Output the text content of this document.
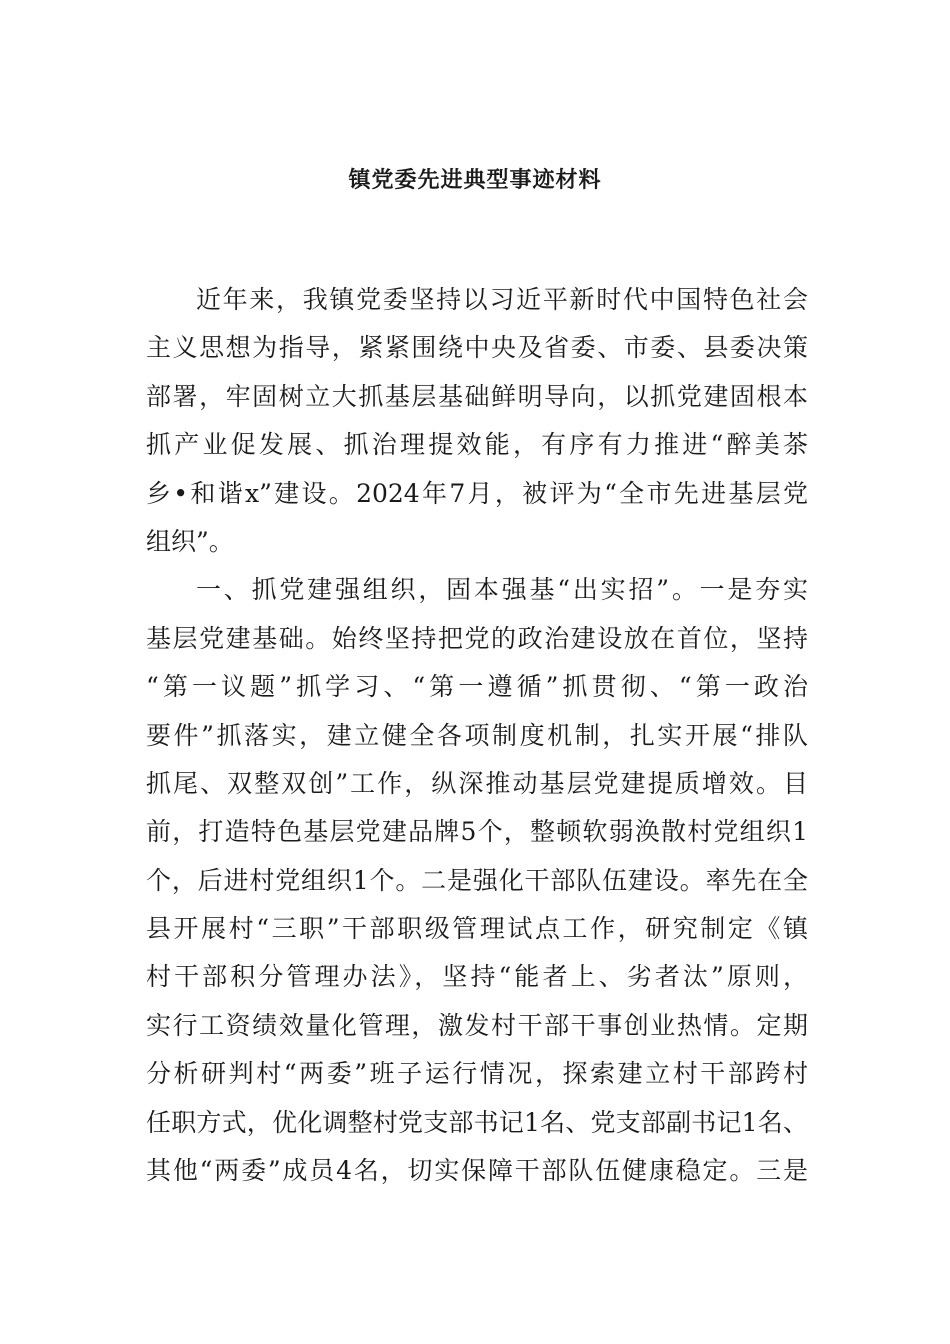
镇党委先进典型事迹材料
近年来，我镇党委坚持以习近平新时代中国特色社会
主义思想为指导，紧紧围绕中央及省委、市委、县委决策
部署，牢固树立大抓基层基础鲜明导向，以抓党建固根本
抓产业促发展、抓治理提效能，有序有力推进“醉美茶
乡•和谐x”建设。2024年7月，被评为“全市先进基层党
组织”。
一、抓党建强组织，固本强基“出实招”。一是夯实
基层党建基础。始终坚持把党的政治建设放在首位，坚持
“第一议题”抓学习、“第一遵循”抓贯彻、“第一政治
要件”抓落实，建立健全各项制度机制，扎实开展“排队
抓尾、双整双创”工作，纵深推动基层党建提质增效。目
前，打造特色基层党建品牌5个，整顿软弱涣散村党组织1
个，后进村党组织1个。二是强化干部队伍建设。率先在全
县开展村“三职”干部职级管理试点工作，研究制定《镇
村干部积分管理办法》，坚持“能者上、劣者汰”原则，
实行工资绩效量化管理，激发村干部干事创业热情。定期
分析研判村“两委”班子运行情况，探索建立村干部跨村
任职方式，优化调整村党支部书记1名、党支部副书记1名、
其他“两委”成员4名，切实保障干部队伍健康稳定。三是
